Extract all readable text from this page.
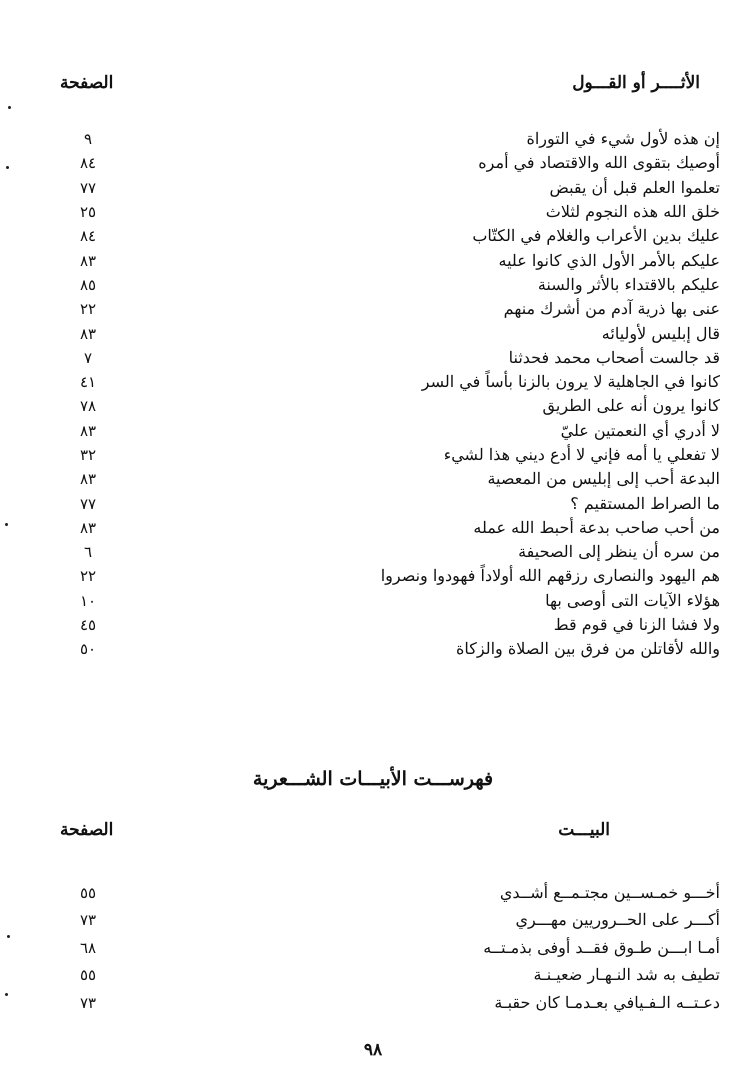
الأثــــر أو القـــول
الصفحة
إن هذه لأول شيء في التوراة
٩
أوصيك بتقوى الله والاقتصاد في أمره
٨٤
تعلموا العلم قبل أن يقبض
٧٧
خلق الله هذه النجوم لثلاث
٢٥
عليك بدين الأعراب والغلام في الكتّاب
٨٤
عليكم بالأمر الأول الذي كانوا عليه
٨٣
عليكم بالاقتداء بالأثر والسنة
٨٥
عنى بها ذرية آدم من أشرك منهم
٢٢
قال إبليس لأوليائه
٨٣
قد جالست أصحاب محمد فحدثنا
٧
كانوا في الجاهلية لا يرون بالزنا بأساً في السر
٤١
كانوا يرون أنه على الطريق
٧٨
لا أدري أي النعمتين عليّ
٨٣
لا تفعلي يا أمه فإني لا أدع ديني هذا لشيء
٣٢
البدعة أحب إلى إبليس من المعصية
٨٣
ما الصراط المستقيم ؟
٧٧
من أحب صاحب بدعة أحبط الله عمله
٨٣
من سره أن ينظر إلى الصحيفة
٦
هم اليهود والنصارى رزقهم الله أولاداً فهودوا ونصروا
٢٢
هؤلاء الآيات التى أوصى بها
١٠
ولا فشا الزنا في قوم قط
٤٥
والله لأقاتلن من فرق بين الصلاة والزكاة
٥٠
فهرســـت الأبيـــات الشـــعرية
البيـــت
الصفحة
أخـــو خمـســين مجتـمــع أشــدي
٥٥
أكـــر على الحــروريين مهـــري
٧٣
أمـا ابـــن طـوق فقــد أوفى بذمـتــه
٦٨
تطيف به شد النـهـار ضعيـنـة
٥٥
دعـتــه الـفـيافي بعـدمـا كان حقبـة
٧٣
٩٨
